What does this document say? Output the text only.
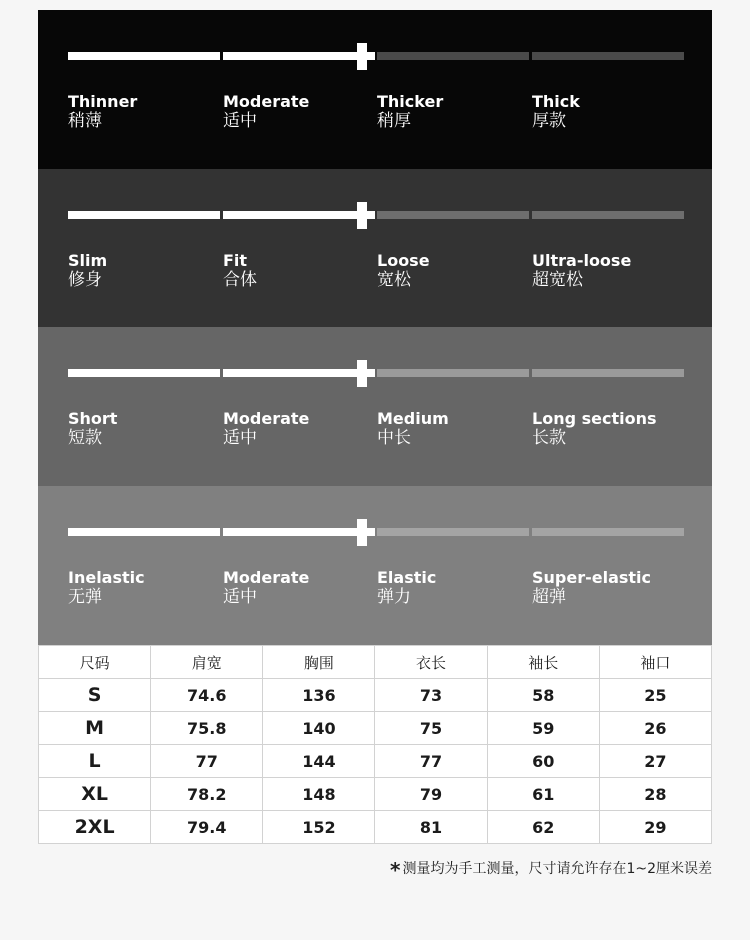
Thinner
稍薄
Moderate
适中
Thicker
稍厚
Thick
厚款
Slim
修身
Fit
合体
Loose
宽松
Ultra-loose
超宽松
Short
短款
Moderate
适中
Medium
中长
Long sections
长款
Inelastic
无弹
Moderate
适中
Elastic
弹力
Super-elastic
超弹
尺码	肩宽	胸围	衣长	袖长	袖口
S	74.6	136	73	58	25
M	75.8	140	75	59	26
L	77	144	77	60	27
XL	78.2	148	79	61	28
2XL	79.4	152	81	62	29
* 测量均为手工测量，尺寸请允许存在1~2厘米误差
